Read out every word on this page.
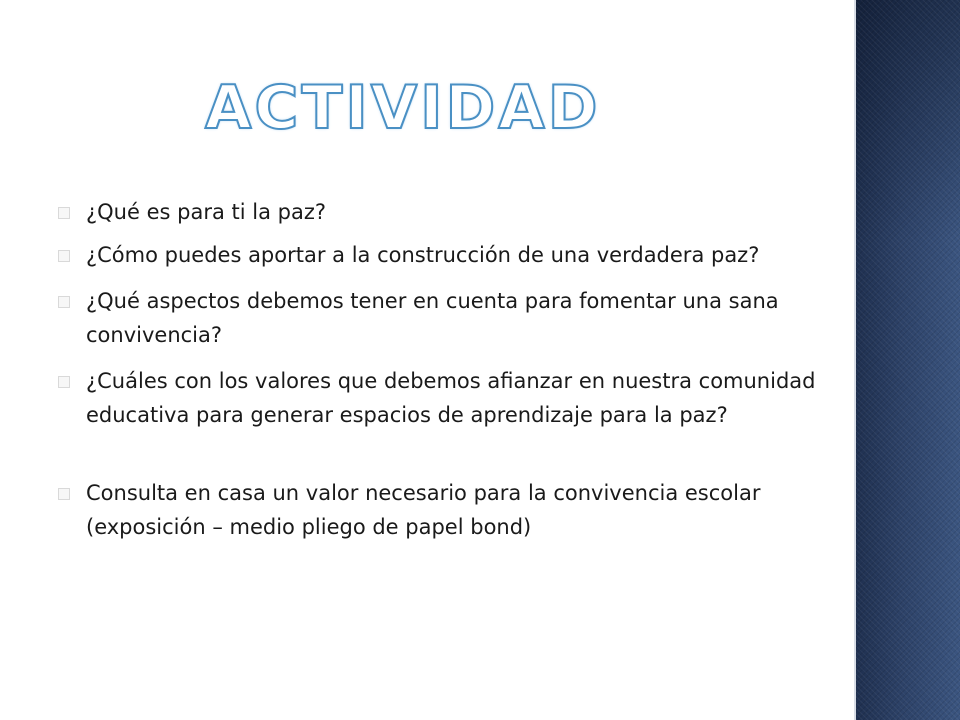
ACTIVIDAD
¿Qué es para ti la paz?
¿Cómo puedes aportar a la construcción de una verdadera paz?
¿Qué aspectos debemos tener en cuenta para fomentar una sana convivencia?
¿Cuáles con los valores que debemos afianzar en nuestra comunidad educativa para generar espacios de aprendizaje para la paz?
Consulta en casa un valor necesario para la convivencia escolar (exposición – medio pliego de papel bond)
